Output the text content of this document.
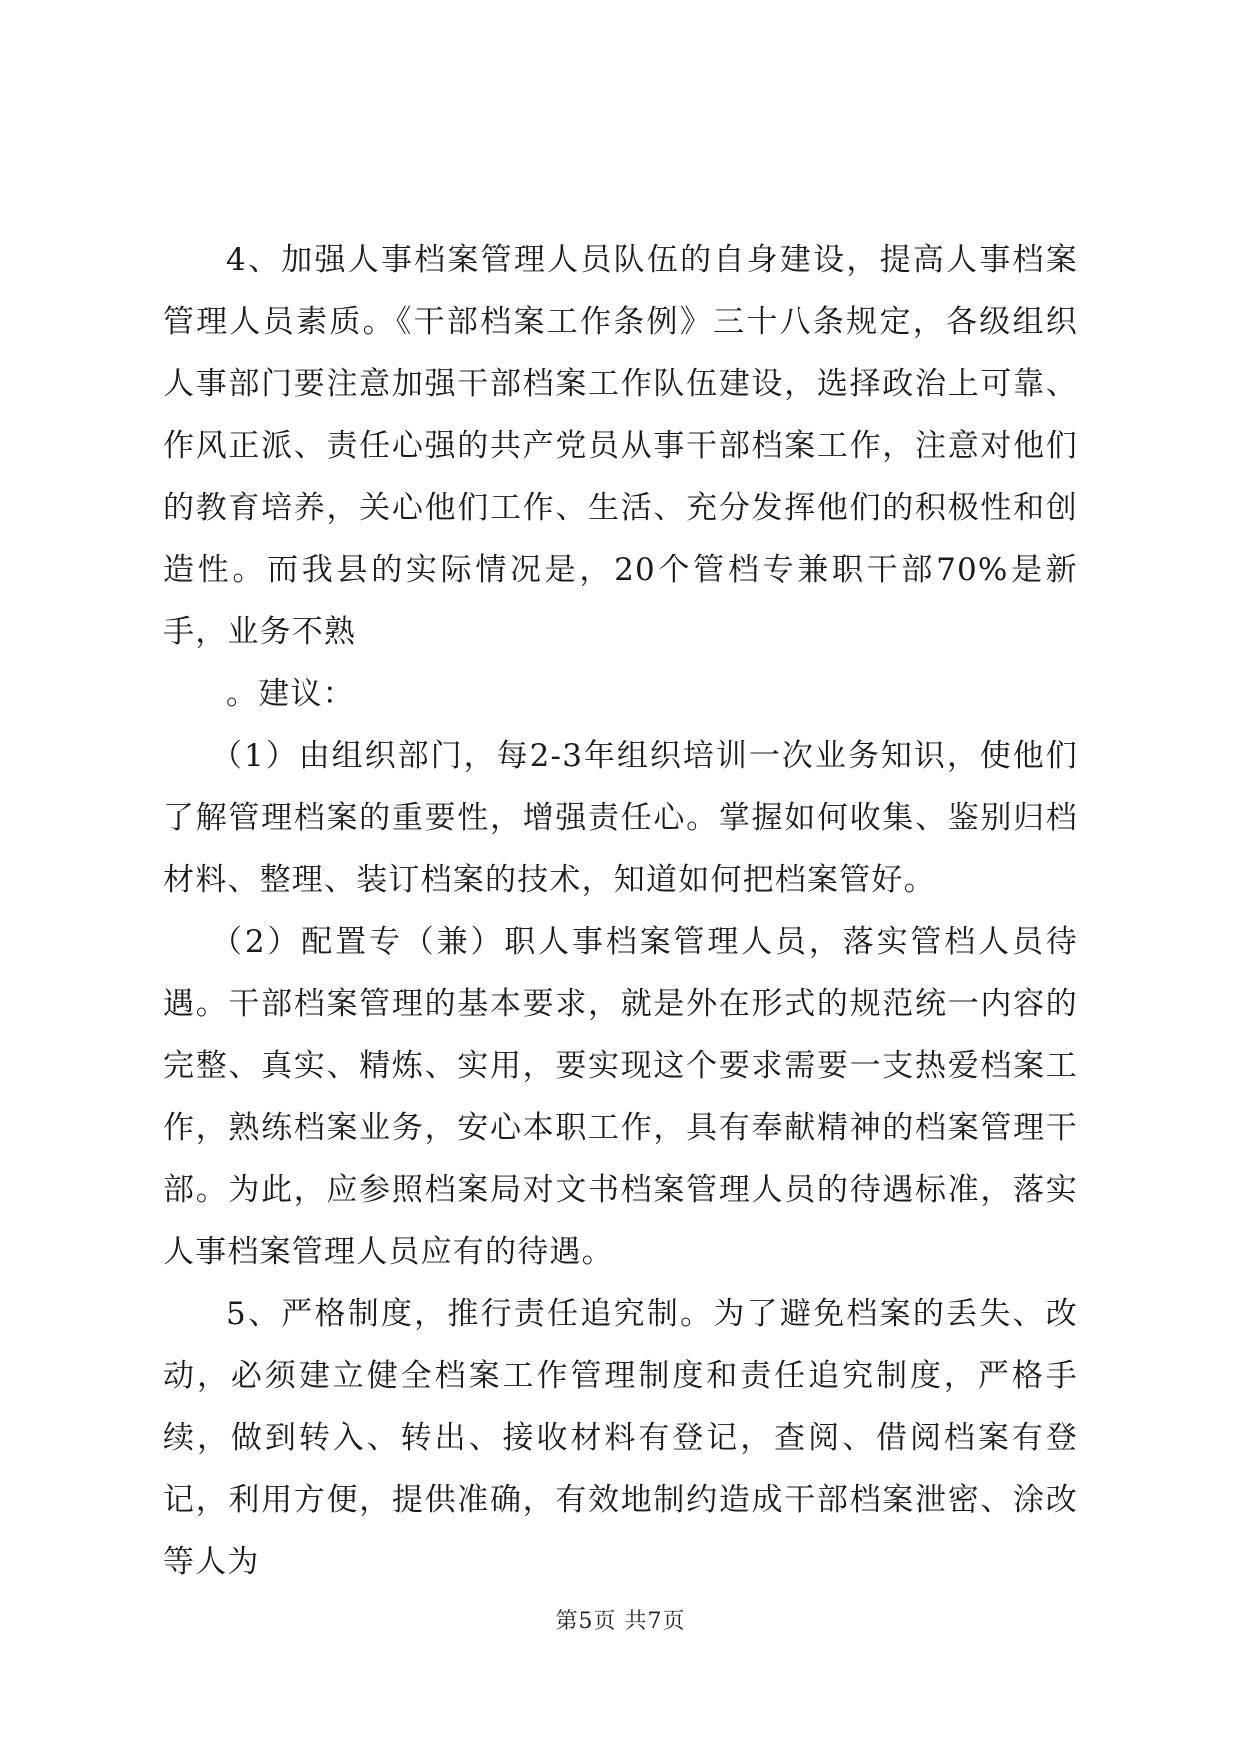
4、加强人事档案管理人员队伍的自身建设，提高人事档案管理人员素质。《干部档案工作条例》三十八条规定，各级组织人事部门要注意加强干部档案工作队伍建设，选择政治上可靠、作风正派、责任心强的共产党员从事干部档案工作，注意对他们的教育培养，关心他们工作、生活、充分发挥他们的积极性和创造性。而我县的实际情况是，20个管档专兼职干部70%是新手，业务不熟

。建议：

（1）由组织部门，每2-3年组织培训一次业务知识，使他们了解管理档案的重要性，增强责任心。掌握如何收集、鉴别归档材料、整理、装订档案的技术，知道如何把档案管好。

（2）配置专（兼）职人事档案管理人员，落实管档人员待遇。干部档案管理的基本要求，就是外在形式的规范统一内容的完整、真实、精炼、实用，要实现这个要求需要一支热爱档案工作，熟练档案业务，安心本职工作，具有奉献精神的档案管理干部。为此，应参照档案局对文书档案管理人员的待遇标准，落实人事档案管理人员应有的待遇。

5、严格制度，推行责任追究制。为了避免档案的丢失、改动，必须建立健全档案工作管理制度和责任追究制度，严格手续，做到转入、转出、接收材料有登记，查阅、借阅档案有登记，利用方便，提供准确，有效地制约造成干部档案泄密、涂改等人为

第5页 共7页
